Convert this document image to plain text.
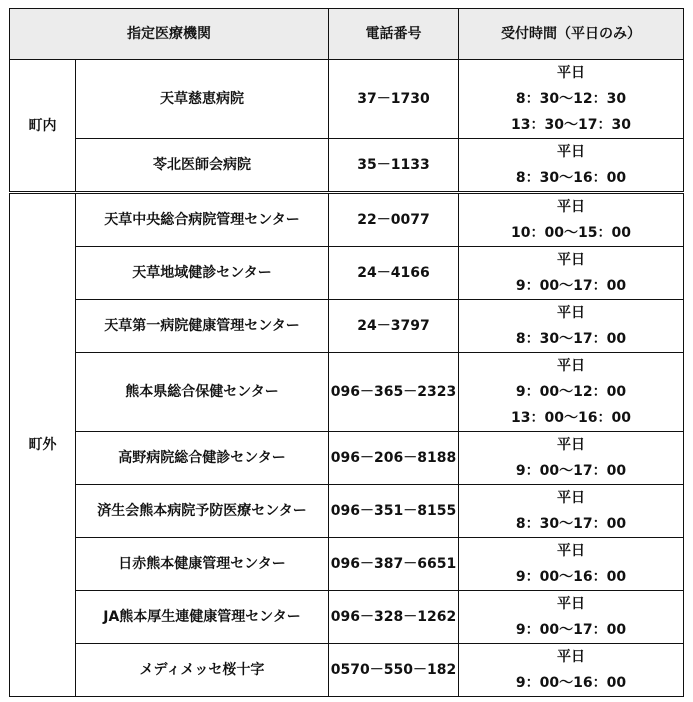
指定医療機関		電話番号	受付時間（平日のみ）
町内	天草慈恵病院	37－1730	平日
8：30～12：30
13：30～17：30

	苓北医師会病院	35－1133	平日
8：30～16：00

町外	天草中央総合病院管理センター	22－0077	平日
10：00～15：00

	天草地域健診センター	24－4166	平日
9：00～17：00

	天草第一病院健康管理センター	24－3797	平日
8：30～17：00

	熊本県総合保健センター	096－365－2323	平日
9：00～12：00
13：00～16：00

	高野病院総合健診センター	096－206－8188	平日
9：00～17：00

	済生会熊本病院予防医療センター	096－351－8155	平日
8：30～17：00

	日赤熊本健康管理センター	096－387－6651	平日
9：00～16：00

	JA熊本厚生連健康管理センター	096－328－1262	平日
9：00～17：00

	メディメッセ桜十字	0570－550－182	平日
9：00～16：00
